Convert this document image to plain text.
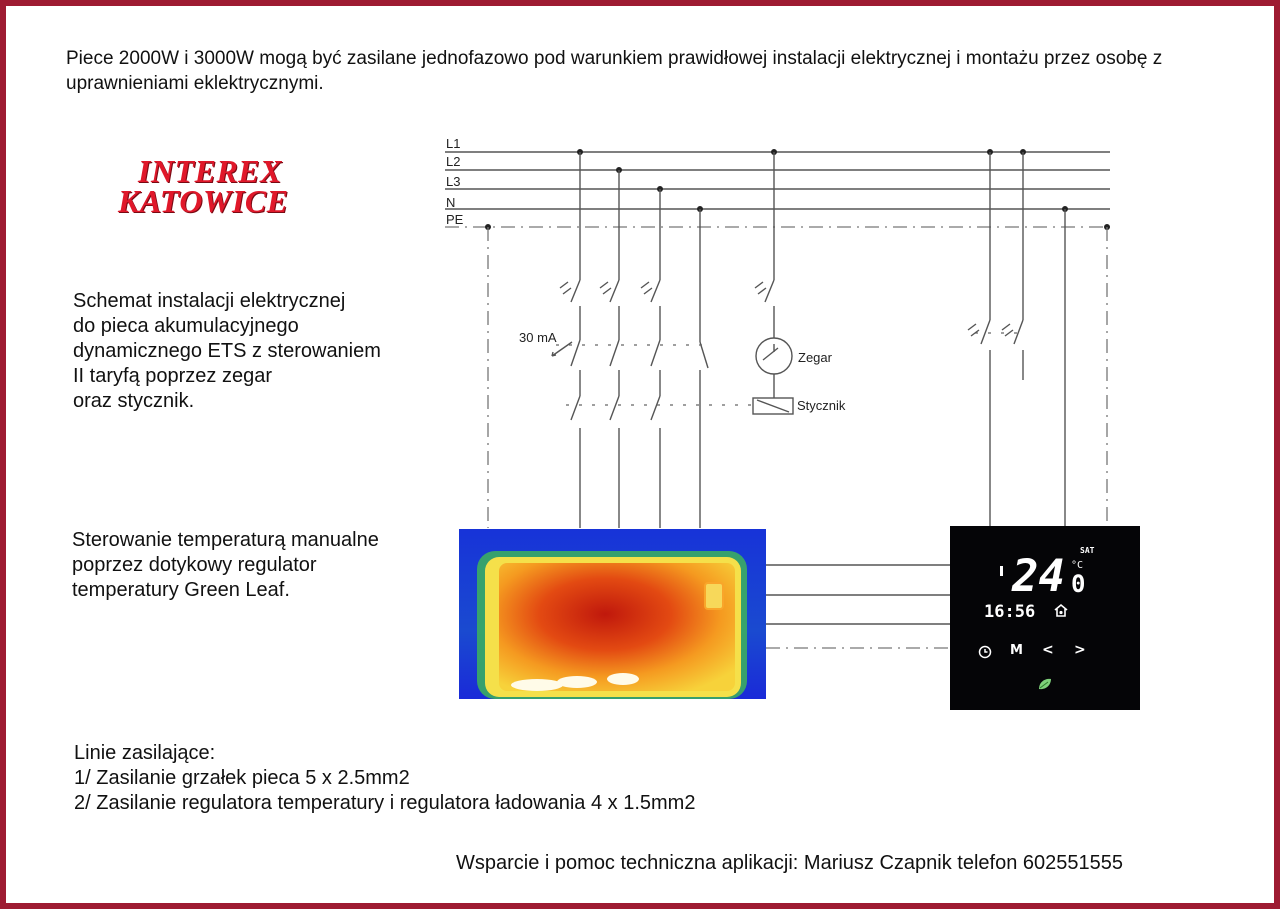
Piece 2000W i 3000W mogą być zasilane jednofazowo pod warunkiem prawidłowej instalacji elektrycznej i montażu przez osobę z uprawnieniami eklektrycznymi.
INTEREX
KATOWICE
Schemat instalacji elektrycznej
do pieca akumulacyjnego
dynamicznego ETS z sterowaniem
II taryfą poprzez zegar
oraz stycznik.
Sterowanie temperaturą manualne
poprzez dotykowy regulator
temperatury Green Leaf.
Linie zasilające:
1/ Zasilanie grzałek pieca 5 x 2.5mm2
2/ Zasilanie regulatora temperatury i regulatora ładowania 4 x 1.5mm2
Wsparcie i pomoc techniczna aplikacji: Mariusz Czapnik telefon 602551555
L1
L2
L3
N
PE
30 mA
Zegar
Stycznik
SAT
24 °C
0
16:56
M < >
